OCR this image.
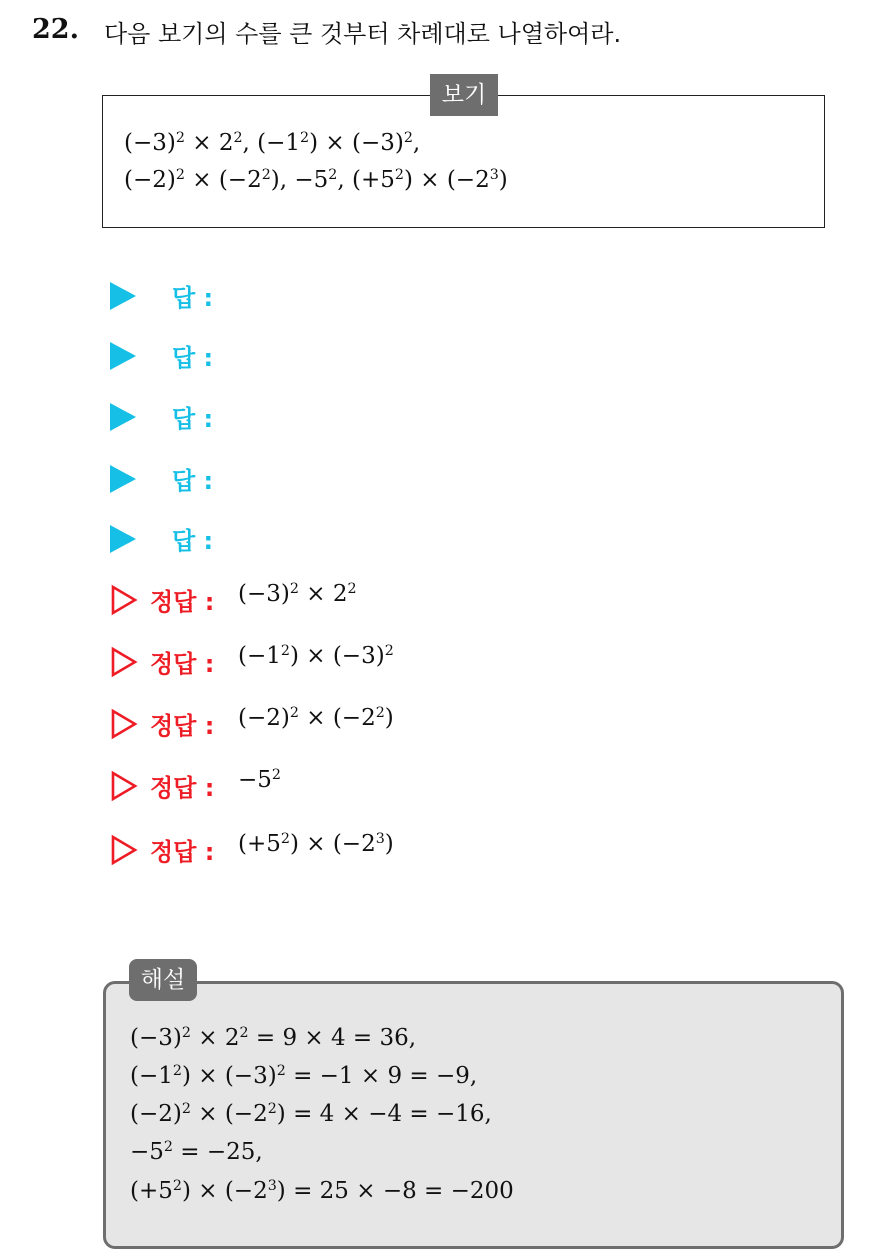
22. 다음 보기의 수를 큰 것부터 차례대로 나열하여라.
보기
$(-3)^2 \times 2^2$, $(-1^2) \times (-3)^2$,
$(-2)^2 \times (-2^2)$, $-5^2$, $(+5^2) \times (-2^3)$
답 :
답 :
답 :
답 :
답 :
정답 : $(-3)^2 \times 2^2$
정답 : $(-1^2) \times (-3)^2$
정답 : $(-2)^2 \times (-2^2)$
정답 : $-5^2$
정답 : $(+5^2) \times (-2^3)$
해설
$(-3)^2 \times 2^2 = 9 \times 4 = 36$,
$(-1^2) \times (-3)^2 = -1 \times 9 = -9$,
$(-2)^2 \times (-2^2) = 4 \times -4 = -16$,
$-5^2 = -25$,
$(+5^2) \times (-2^3) = 25 \times -8 = -200$
